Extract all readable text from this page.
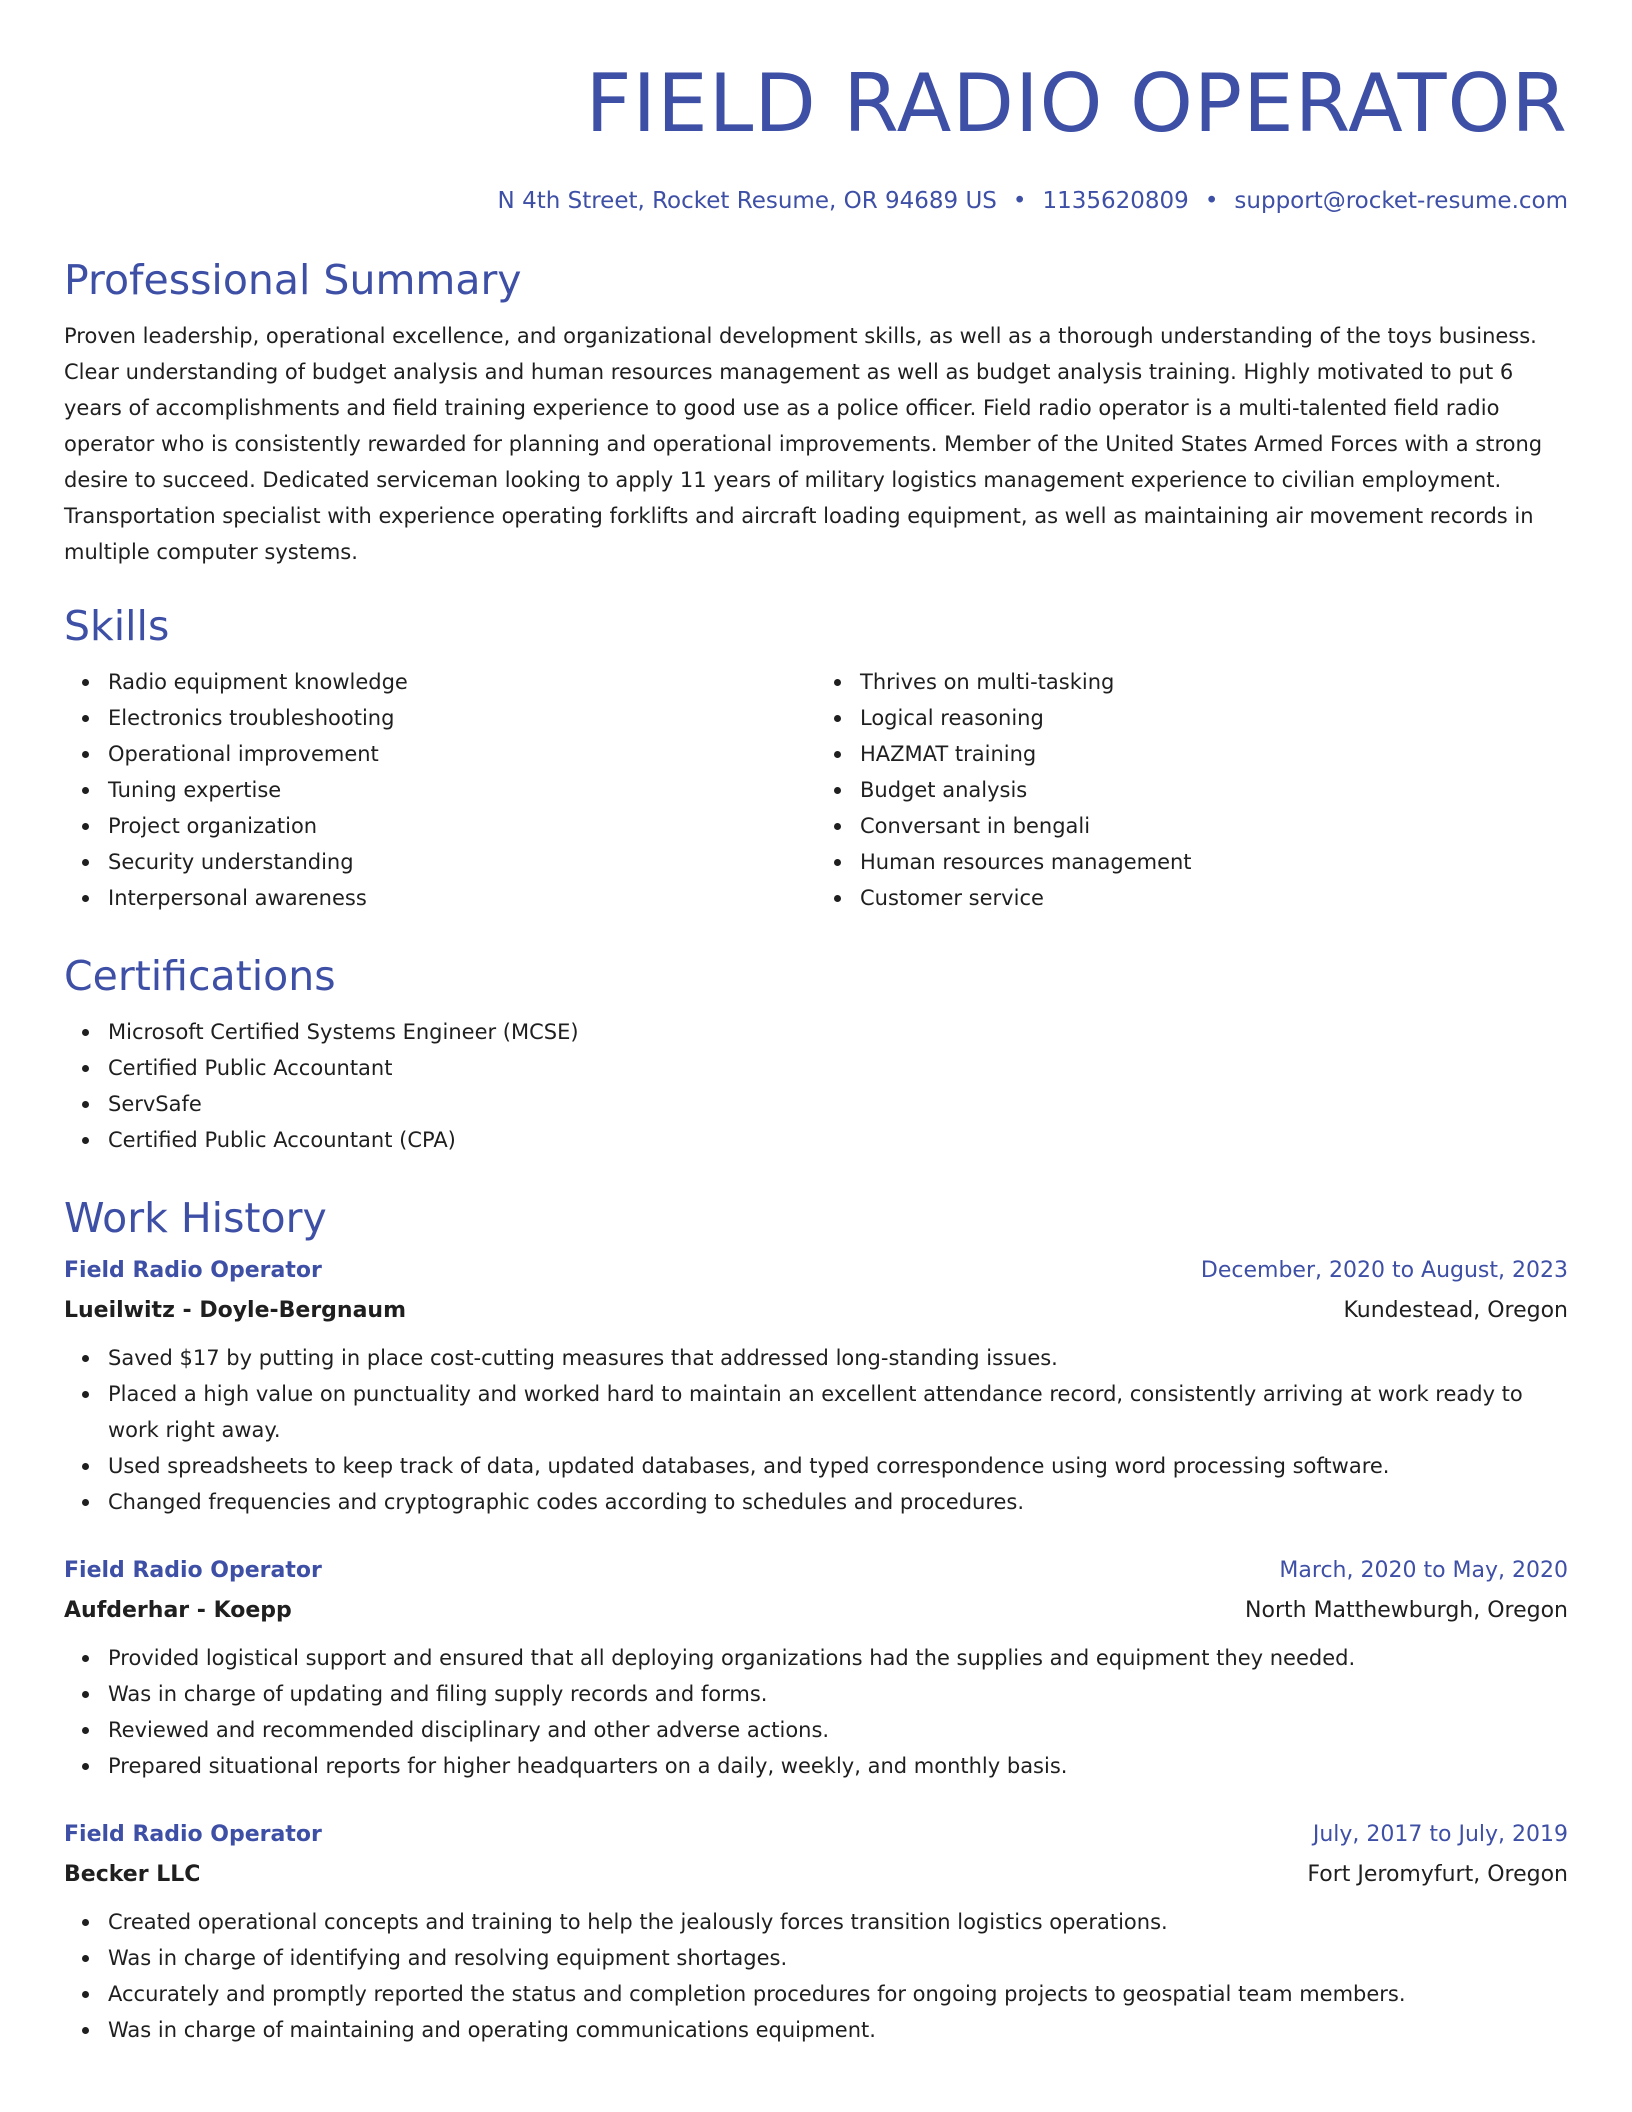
FIELD RADIO OPERATOR
N 4th Street, Rocket Resume, OR 94689 US • 1135620809 • support@rocket-resume.com
Professional Summary

Proven leadership, operational excellence, and organizational development skills, as well as a thorough understanding of the toys business. Clear understanding of budget analysis and human resources management as well as budget analysis training. Highly motivated to put 6 years of accomplishments and field training experience to good use as a police officer. Field radio operator is a multi-talented field radio operator who is consistently rewarded for planning and operational improvements. Member of the United States Armed Forces with a strong desire to succeed. Dedicated serviceman looking to apply 11 years of military logistics management experience to civilian employment. Transportation specialist with experience operating forklifts and aircraft loading equipment, as well as maintaining air movement records in multiple computer systems.

Skills
Radio equipment knowledge
Electronics troubleshooting
Operational improvement
Tuning expertise
Project organization
Security understanding
Interpersonal awareness
Thrives on multi-tasking
Logical reasoning
HAZMAT training
Budget analysis
Conversant in bengali
Human resources management
Customer service
Certifications
Microsoft Certified Systems Engineer (MCSE)
Certified Public Accountant
ServSafe
Certified Public Accountant (CPA)
Work History
Field Radio Operator	December, 2020 to August, 2023
Lueilwitz - Doyle-Bergnaum	Kundestead, Oregon
Saved $17 by putting in place cost-cutting measures that addressed long-standing issues.
Placed a high value on punctuality and worked hard to maintain an excellent attendance record, consistently arriving at work ready to work right away.
Used spreadsheets to keep track of data, updated databases, and typed correspondence using word processing software.
Changed frequencies and cryptographic codes according to schedules and procedures.
Field Radio Operator	March, 2020 to May, 2020
Aufderhar - Koepp	North Matthewburgh, Oregon
Provided logistical support and ensured that all deploying organizations had the supplies and equipment they needed.
Was in charge of updating and filing supply records and forms.
Reviewed and recommended disciplinary and other adverse actions.
Prepared situational reports for higher headquarters on a daily, weekly, and monthly basis.
Field Radio Operator	July, 2017 to July, 2019
Becker LLC	Fort Jeromyfurt, Oregon
Created operational concepts and training to help the jealously forces transition logistics operations.
Was in charge of identifying and resolving equipment shortages.
Accurately and promptly reported the status and completion procedures for ongoing projects to geospatial team members.
Was in charge of maintaining and operating communications equipment.
